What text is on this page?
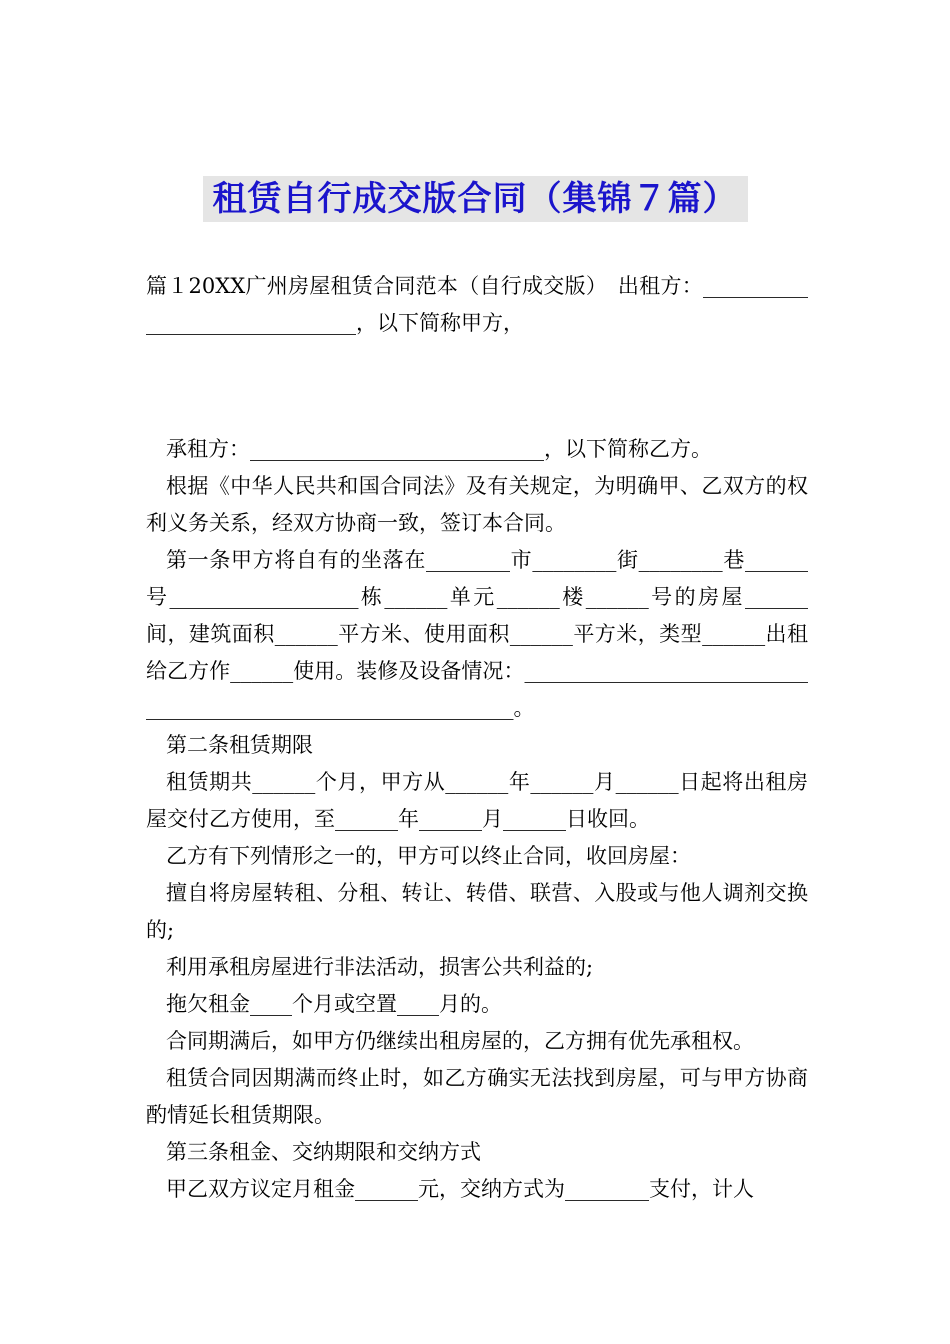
租赁自行成交版合同（集锦７篇）

篇１20XX广州房屋租赁合同范本（自行成交版）　出租方：______________________________，以下简称甲方，

承租方：____________________________，以下简称乙方。

根据《中华人民共和国合同法》及有关规定，为明确甲、乙双方的权利义务关系，经双方协商一致，签订本合同。

第一条甲方将自有的坐落在________市________街________巷______号__________________栋______单元______楼______号的房屋______间，建筑面积______平方米、使用面积______平方米，类型______出租给乙方作______使用。装修及设备情况：______________________________________________________________。

第二条租赁期限

租赁期共______个月，甲方从______年______月______日起将出租房屋交付乙方使用，至______年______月______日收回。

乙方有下列情形之一的，甲方可以终止合同，收回房屋：

擅自将房屋转租、分租、转让、转借、联营、入股或与他人调剂交换的;

利用承租房屋进行非法活动，损害公共利益的;

拖欠租金____个月或空置____月的。

合同期满后，如甲方仍继续出租房屋的，乙方拥有优先承租权。

租赁合同因期满而终止时，如乙方确实无法找到房屋，可与甲方协商酌情延长租赁期限。

第三条租金、交纳期限和交纳方式

甲乙双方议定月租金______元，交纳方式为________支付，计人
